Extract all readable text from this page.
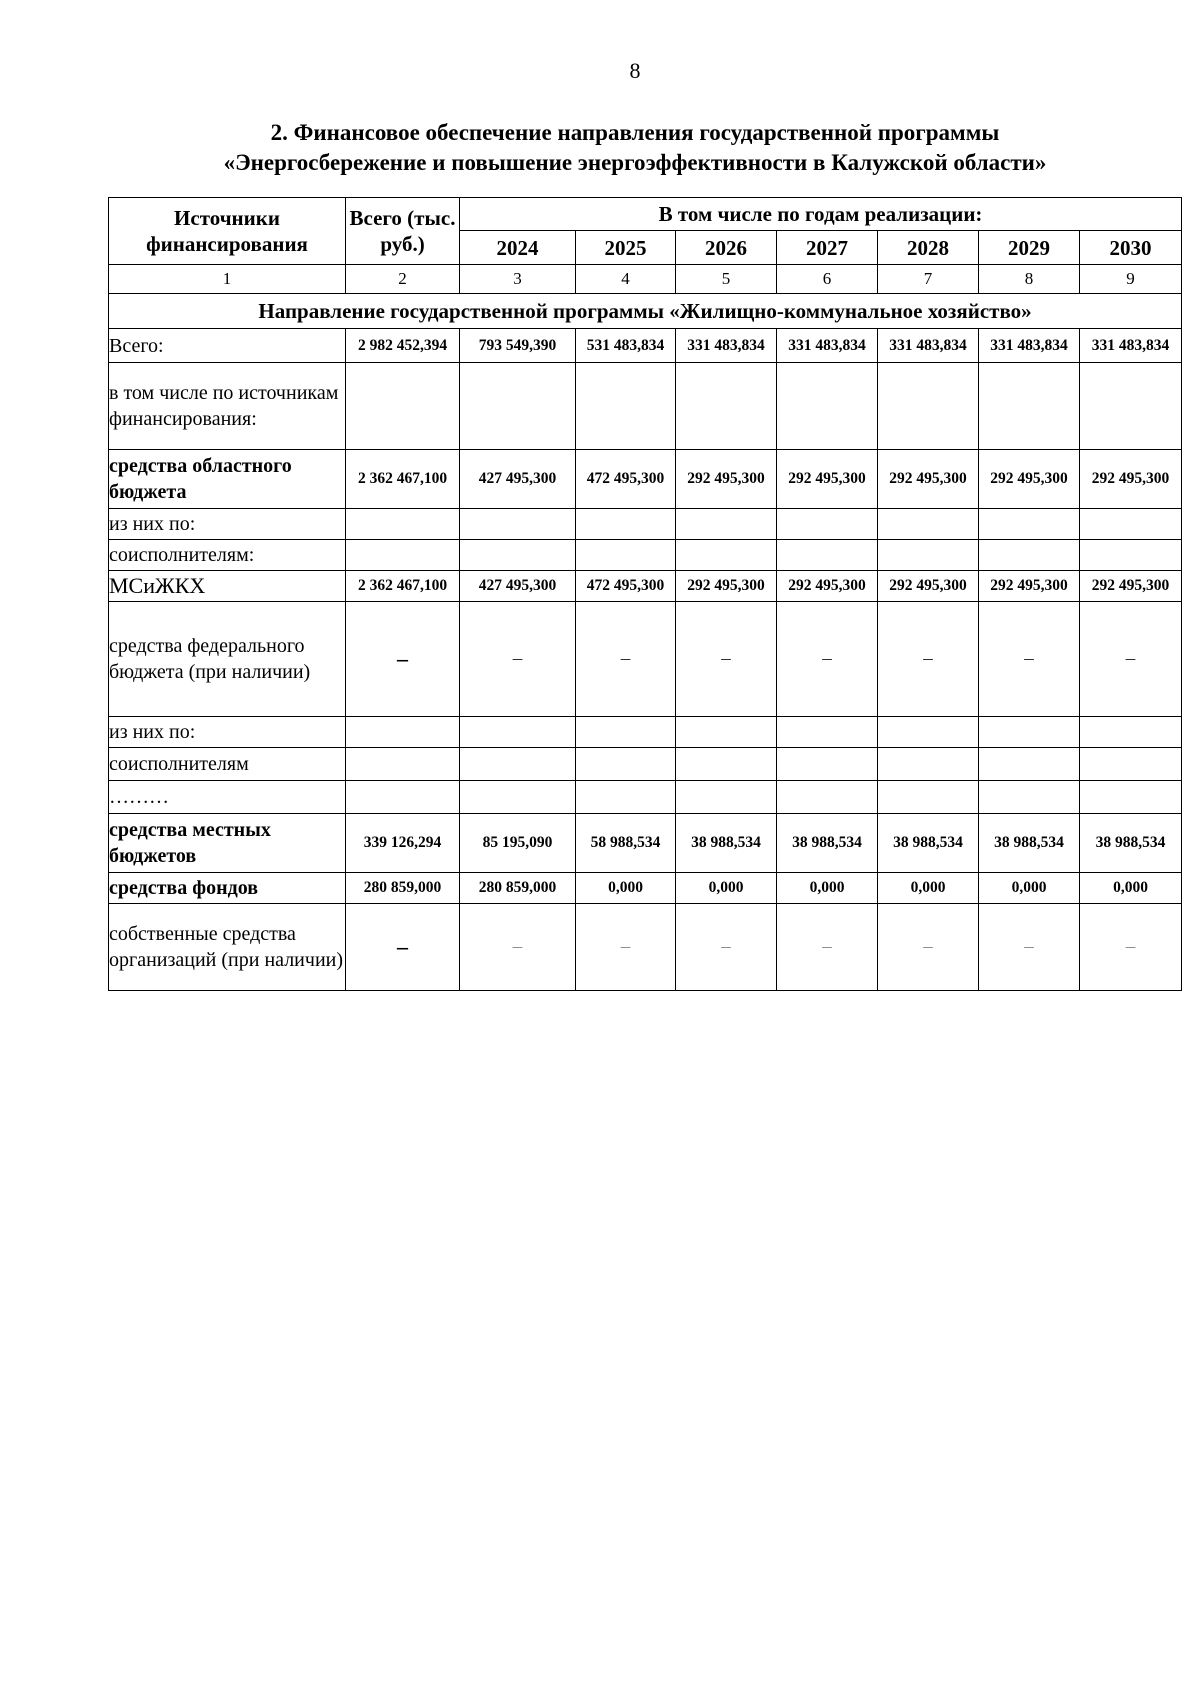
8
2. Финансовое обеспечение направления государственной программы
«Энергосбережение и повышение энергоэффективности в Калужской области»
Источники финансирования	Всего (тыс. руб.)	В том числе по годам реализации:						
		2024	2025	2026	2027	2028	2029	2030
1	2	3	4	5	6	7	8	9
Направление государственной программы «Жилищно-коммунальное хозяйство»								
Всего:	2 982 452,394	793 549,390	531 483,834	331 483,834	331 483,834	331 483,834	331 483,834	331 483,834
в том числе по источникам финансирования:								
средства областного бюджета	2 362 467,100	427 495,300	472 495,300	292 495,300	292 495,300	292 495,300	292 495,300	292 495,300
из них по:								
соисполнителям:								
МСиЖКХ	2 362 467,100	427 495,300	472 495,300	292 495,300	292 495,300	292 495,300	292 495,300	292 495,300
средства федерального бюджета (при наличии)	–	–	–	–	–	–	–	–
из них по:								
соисполнителям								
………								
средства местных бюджетов	339 126,294	85 195,090	58 988,534	38 988,534	38 988,534	38 988,534	38 988,534	38 988,534
средства фондов	280 859,000	280 859,000	0,000	0,000	0,000	0,000	0,000	0,000
собственные средства организаций (при наличии)	–	–	–	–	–	–	–	–
